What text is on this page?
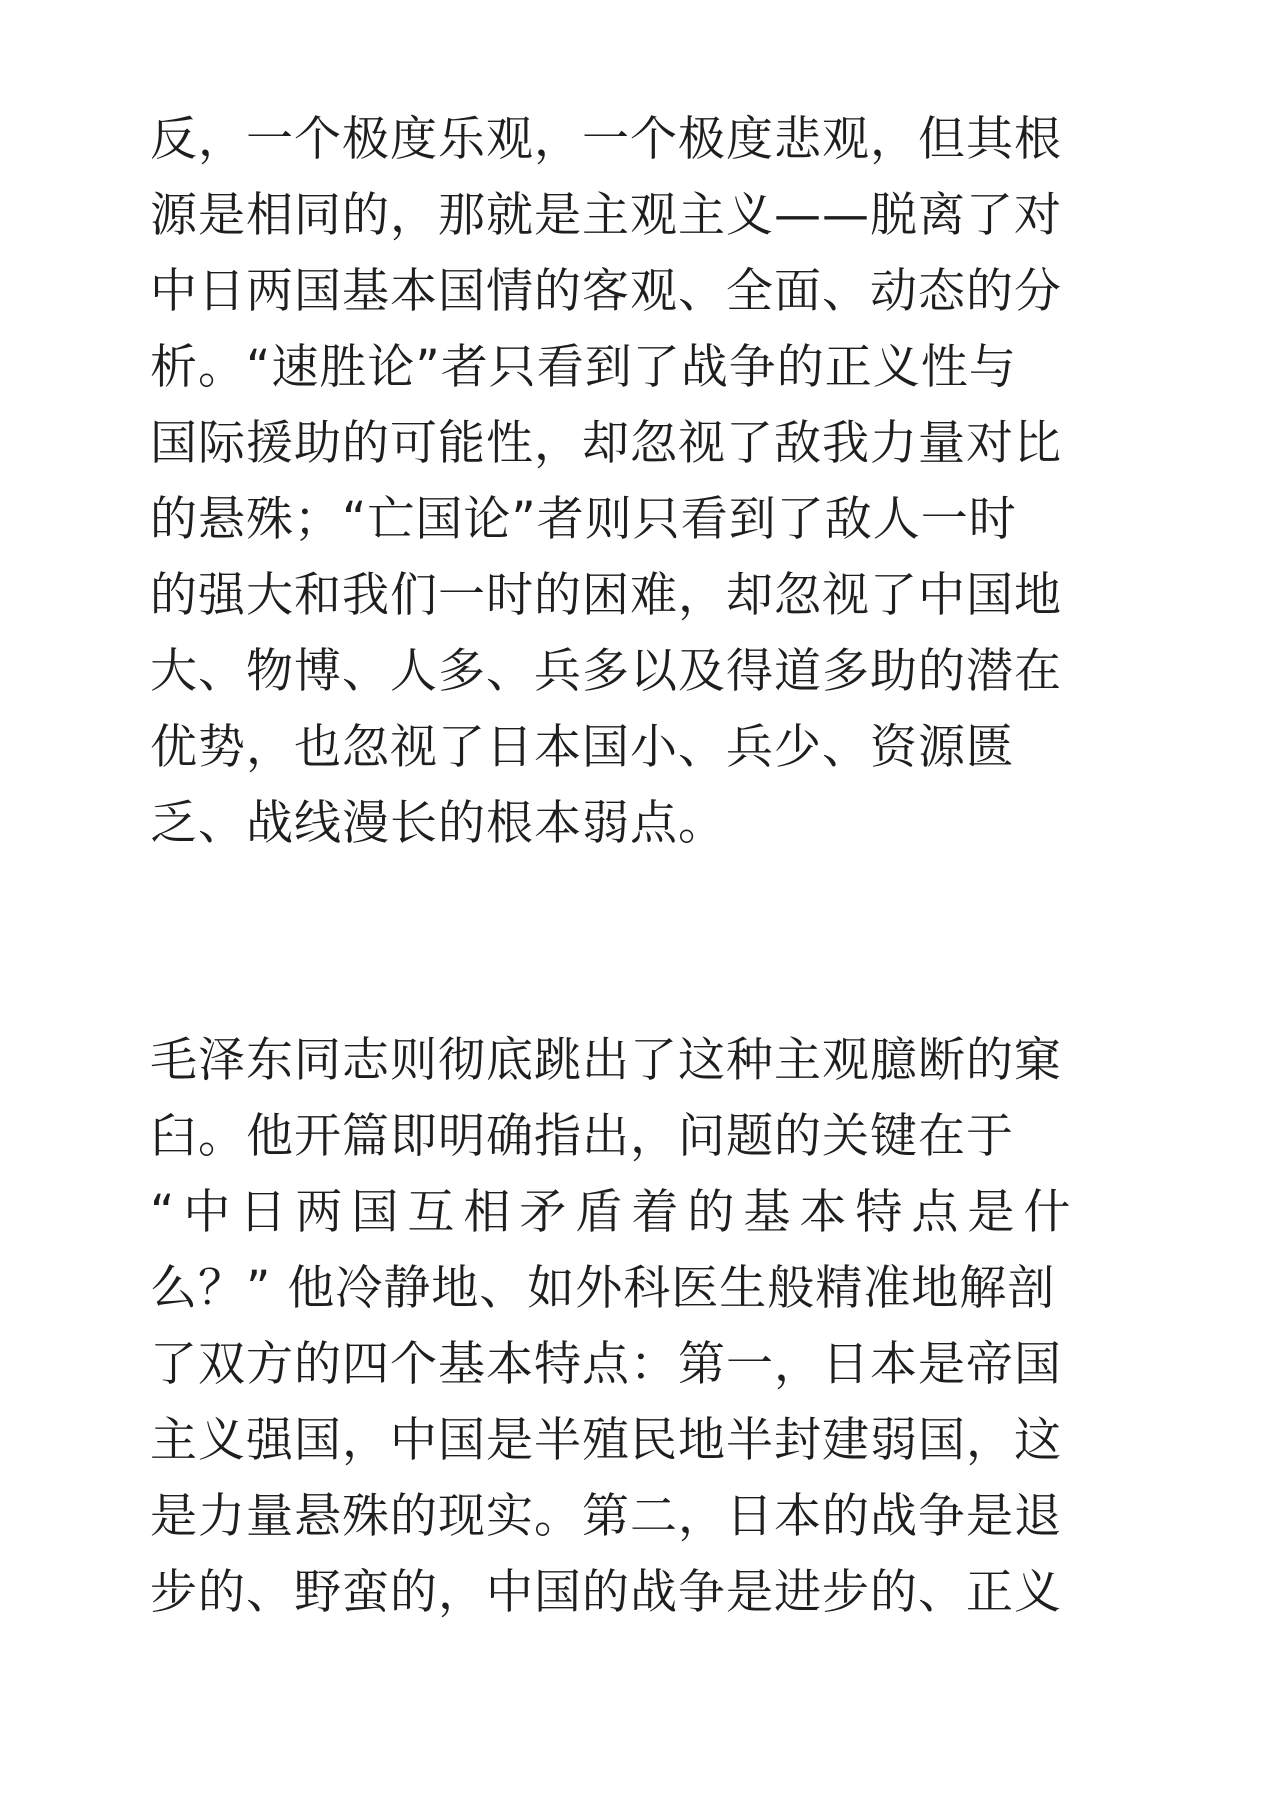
反，一个极度乐观，一个极度悲观，但其根
源是相同的，那就是主观主义——脱离了对
中日两国基本国情的客观、全面、动态的分
析。“速胜论”者只看到了战争的正义性与
国际援助的可能性，却忽视了敌我力量对比
的悬殊；“亡国论”者则只看到了敌人一时
的强大和我们一时的困难，却忽视了中国地
大、物博、人多、兵多以及得道多助的潜在
优势，也忽视了日本国小、兵少、资源匮
乏、战线漫长的根本弱点。

毛泽东同志则彻底跳出了这种主观臆断的窠
臼。他开篇即明确指出，问题的关键在于
“中日两国互相矛盾着的基本特点是什
么？” 他冷静地、如外科医生般精准地解剖
了双方的四个基本特点：第一，日本是帝国
主义强国，中国是半殖民地半封建弱国，这
是力量悬殊的现实。第二，日本的战争是退
步的、野蛮的，中国的战争是进步的、正义
